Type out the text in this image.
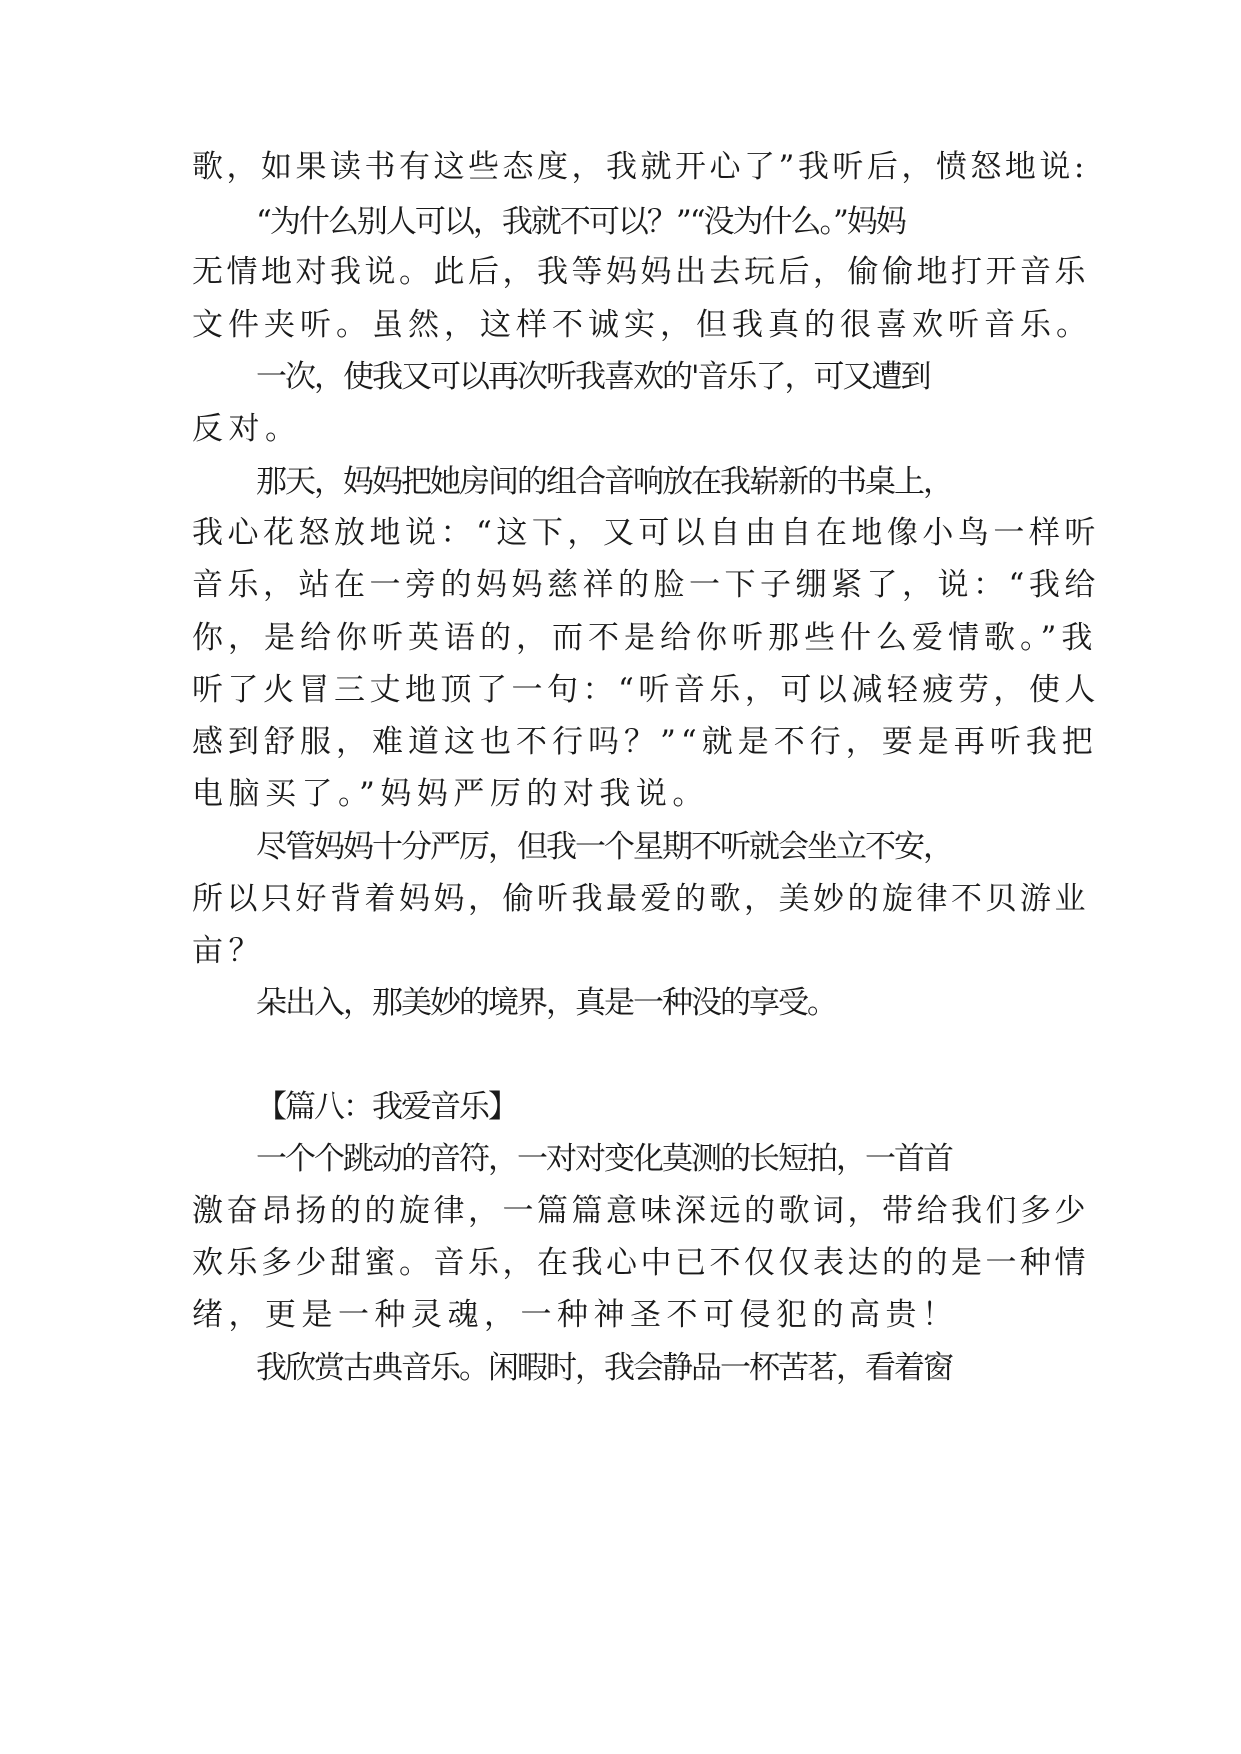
歌，如果读书有这些态度，我就开心了”我听后，愤怒地说:
“为什么别人可以，我就不可以？”“没为什么。”妈妈
无情地对我说。此后，我等妈妈出去玩后，偷偷地打开音乐
文件夹听。虽然，这样不诚实，但我真的很喜欢听音乐。
一次，使我又可以再次听我喜欢的'音乐了，可又遭到
反对。
那天，妈妈把她房间的组合音响放在我崭新的书桌上，
我心花怒放地说：“这下，又可以自由自在地像小鸟一样听
音乐，站在一旁的妈妈慈祥的脸一下子绷紧了，说：“我给
你，是给你听英语的，而不是给你听那些什么爱情歌。”我
听了火冒三丈地顶了一句：“听音乐，可以减轻疲劳，使人
感到舒服，难道这也不行吗？”“就是不行，要是再听我把
电脑买了。”妈妈严厉的对我说。
尽管妈妈十分严厉，但我一个星期不听就会坐立不安，
所以只好背着妈妈，偷听我最爱的歌，美妙的旋律不贝游业
亩？
朵出入，那美妙的境界，真是一种没的享受。
【篇八：我爱音乐】
一个个跳动的音符，一对对变化莫测的长短拍，一首首
激奋昂扬的的旋律，一篇篇意味深远的歌词，带给我们多少
欢乐多少甜蜜。音乐，在我心中已不仅仅表达的的是一种情
绪，更是一种灵魂，一种神圣不可侵犯的高贵！
我欣赏古典音乐。闲暇时，我会静品一杯苦茗，看着窗
